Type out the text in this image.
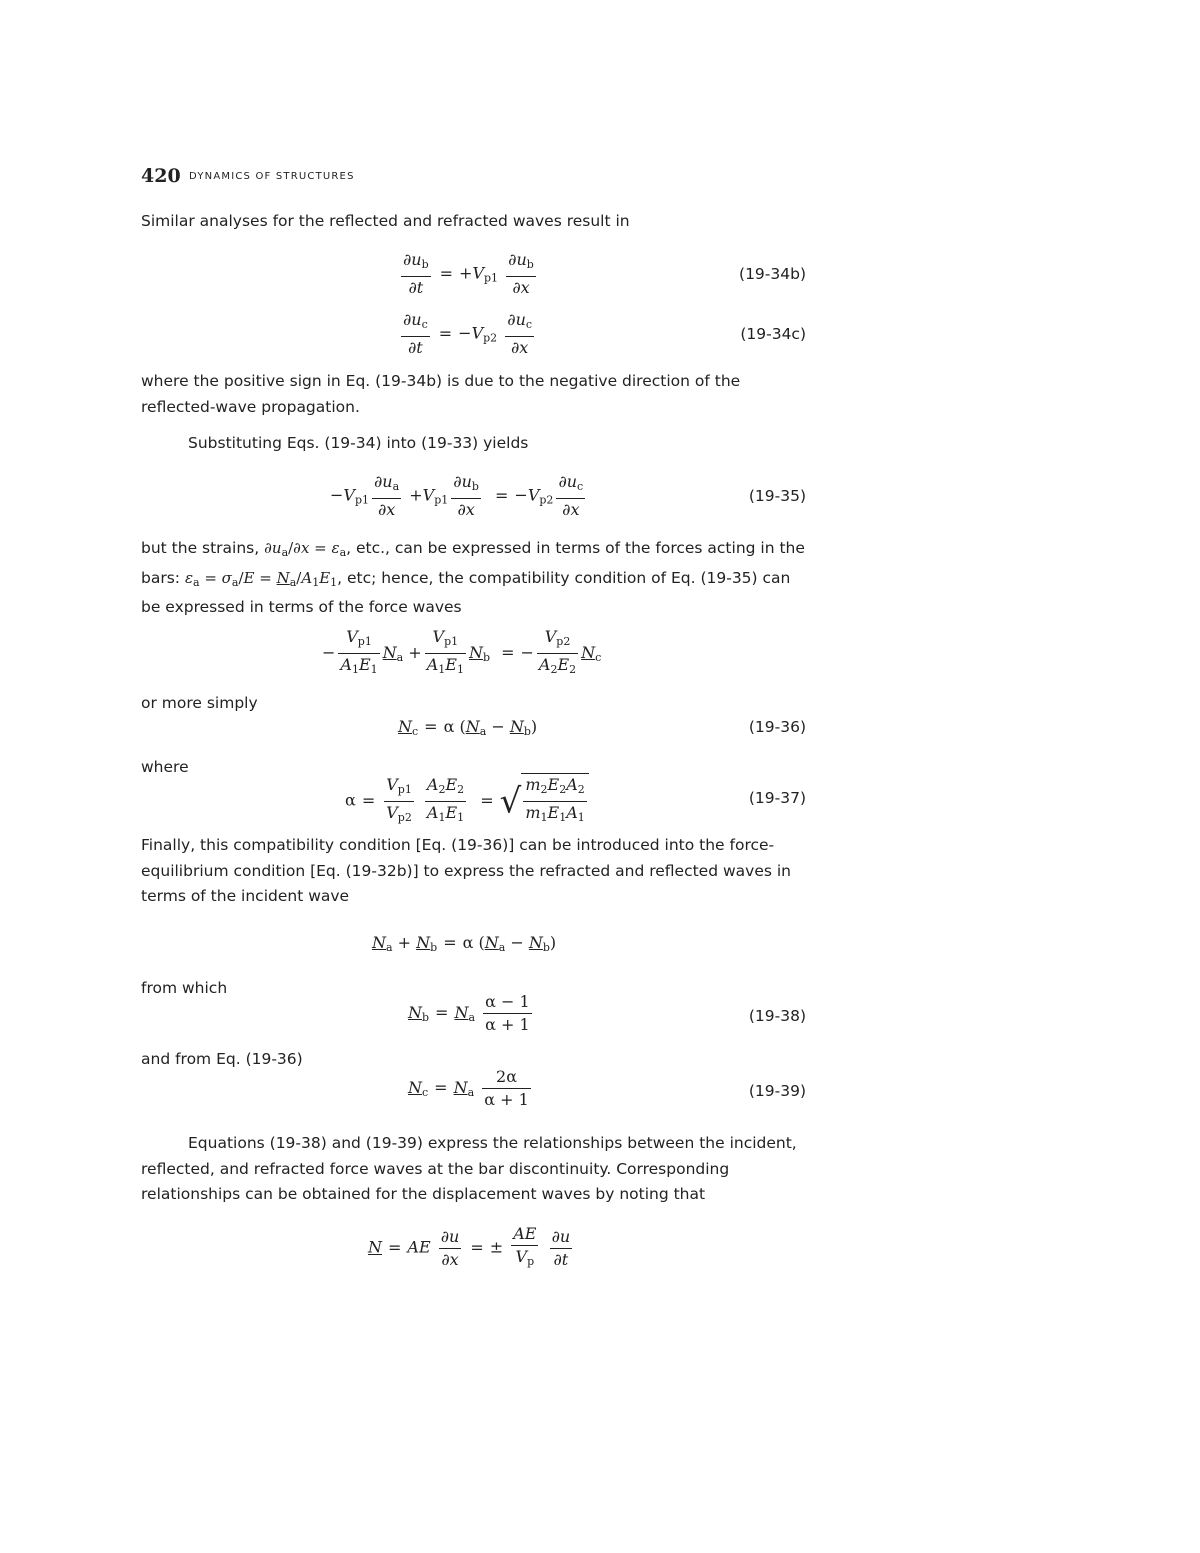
420 DYNAMICS OF STRUCTURES
Similar analyses for the reflected and refracted waves result in
$\frac{\partial u_b}{\partial t} = +V_{p1} \frac{\partial u_b}{\partial x}$	(19-34b)
$\frac{\partial u_c}{\partial t} = -V_{p2} \frac{\partial u_c}{\partial x}$	(19-34c)
where the positive sign in Eq. (19-34b) is due to the negative direction of the reflected-wave propagation.
Substituting Eqs. (19-34) into (19-33) yields
$-V_{p1} \frac{\partial u_a}{\partial x} +V_{p1} \frac{\partial u_b}{\partial x} = -V_{p2} \frac{\partial u_c}{\partial x}$	(19-35)
but the strains, $\partial u_a/\partial x = \varepsilon_a$, etc., can be expressed in terms of the forces acting in the bars: $\varepsilon_a = \sigma_a/E = N_a/A_1E_1$, etc; hence, the compatibility condition of Eq. (19-35) can be expressed in terms of the force waves
− $\frac{V_{p1}}{A_1E_1} N_a + \frac{V_{p1}}{A_1E_1} N_b$ = − $\frac{V_{p2}}{A_2E_2} N_c$
or more simply
$N_c = \alpha$ $(N_a - N_b)$	(19-36)
where
$\alpha = \frac{V_{p1}}{V_{p2}}$
$\frac{A_2E_2}{A_1E_1}$ = √ $\frac{m_2E_2A_2}{m_1E_1A_1}$	(19-37)
Finally, this compatibility condition [Eq. (19-36)] can be introduced into the force-equilibrium condition [Eq. (19-32b)] to express the refracted and reflected waves in terms of the incident wave
$N_a + N_b = \alpha$ $(N_a - N_b)$
from which
$N_b = N_a \frac{\alpha - 1}{\alpha + 1}$	(19-38)
and from Eq. (19-36)
$N_c = N_a \frac{2\alpha}{\alpha + 1}$	(19-39)
Equations (19-38) and (19-39) express the relationships between the incident, reflected, and refracted force waves at the bar discontinuity. Corresponding relationships can be obtained for the displacement waves by noting that
N = AE $\frac{\partial u}{\partial x}$ = ± $\frac{AE}{V_p}$
$\frac{\partial u}{\partial t}$
